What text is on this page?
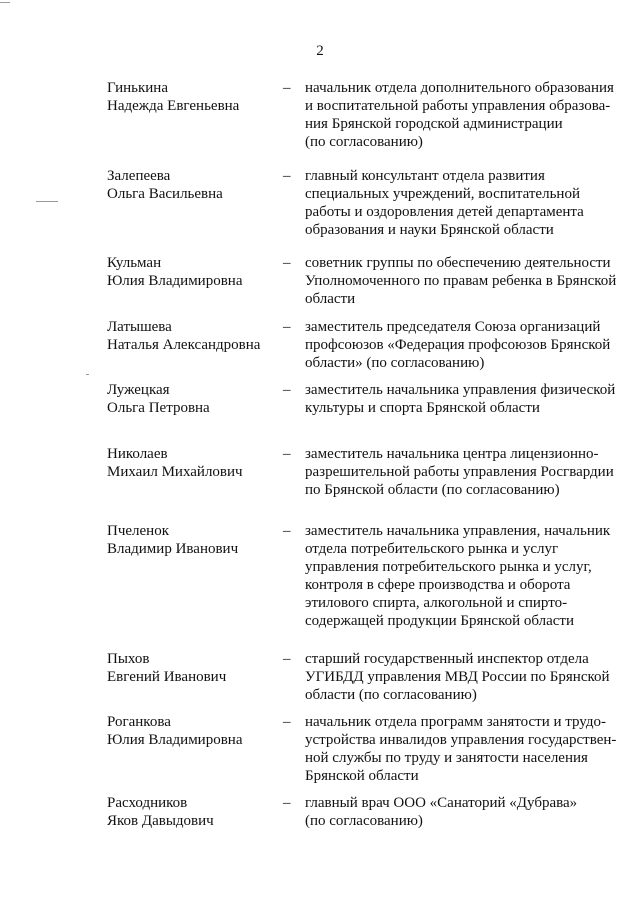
2
Гинькина
Надежда Евгеньевна
– начальник отдела дополнительного образования
и воспитательной работы управления образова-
ния Брянской городской администрации
(по согласованию)
Залепеева
Ольга Васильевна
– главный консультант отдела развития
специальных учреждений, воспитательной
работы и оздоровления детей департамента
образования и науки Брянской области
Кульман
Юлия Владимировна
– советник группы по обеспечению деятельности
Уполномоченного по правам ребенка в Брянской
области
Латышева
Наталья Александровна
– заместитель председателя Союза организаций
профсоюзов «Федерация профсоюзов Брянской
области» (по согласованию)
Лужецкая
Ольга Петровна
– заместитель начальника управления физической
культуры и спорта Брянской области
Николаев
Михаил Михайлович
– заместитель начальника центра лицензионно-
разрешительной работы управления Росгвардии
по Брянской области (по согласованию)
Пчеленок
Владимир Иванович
– заместитель начальника управления, начальник
отдела потребительского рынка и услуг
управления потребительского рынка и услуг,
контроля в сфере производства и оборота
этилового спирта, алкогольной и спирто-
содержащей продукции Брянской области
Пыхов
Евгений Иванович
– старший государственный инспектор отдела
УГИБДД управления МВД России по Брянской
области (по согласованию)
Роганкова
Юлия Владимировна
– начальник отдела программ занятости и трудо-
устройства инвалидов управления государствен-
ной службы по труду и занятости населения
Брянской области
Расходников
Яков Давыдович
– главный врач ООО «Санаторий «Дубрава»
(по согласованию)
